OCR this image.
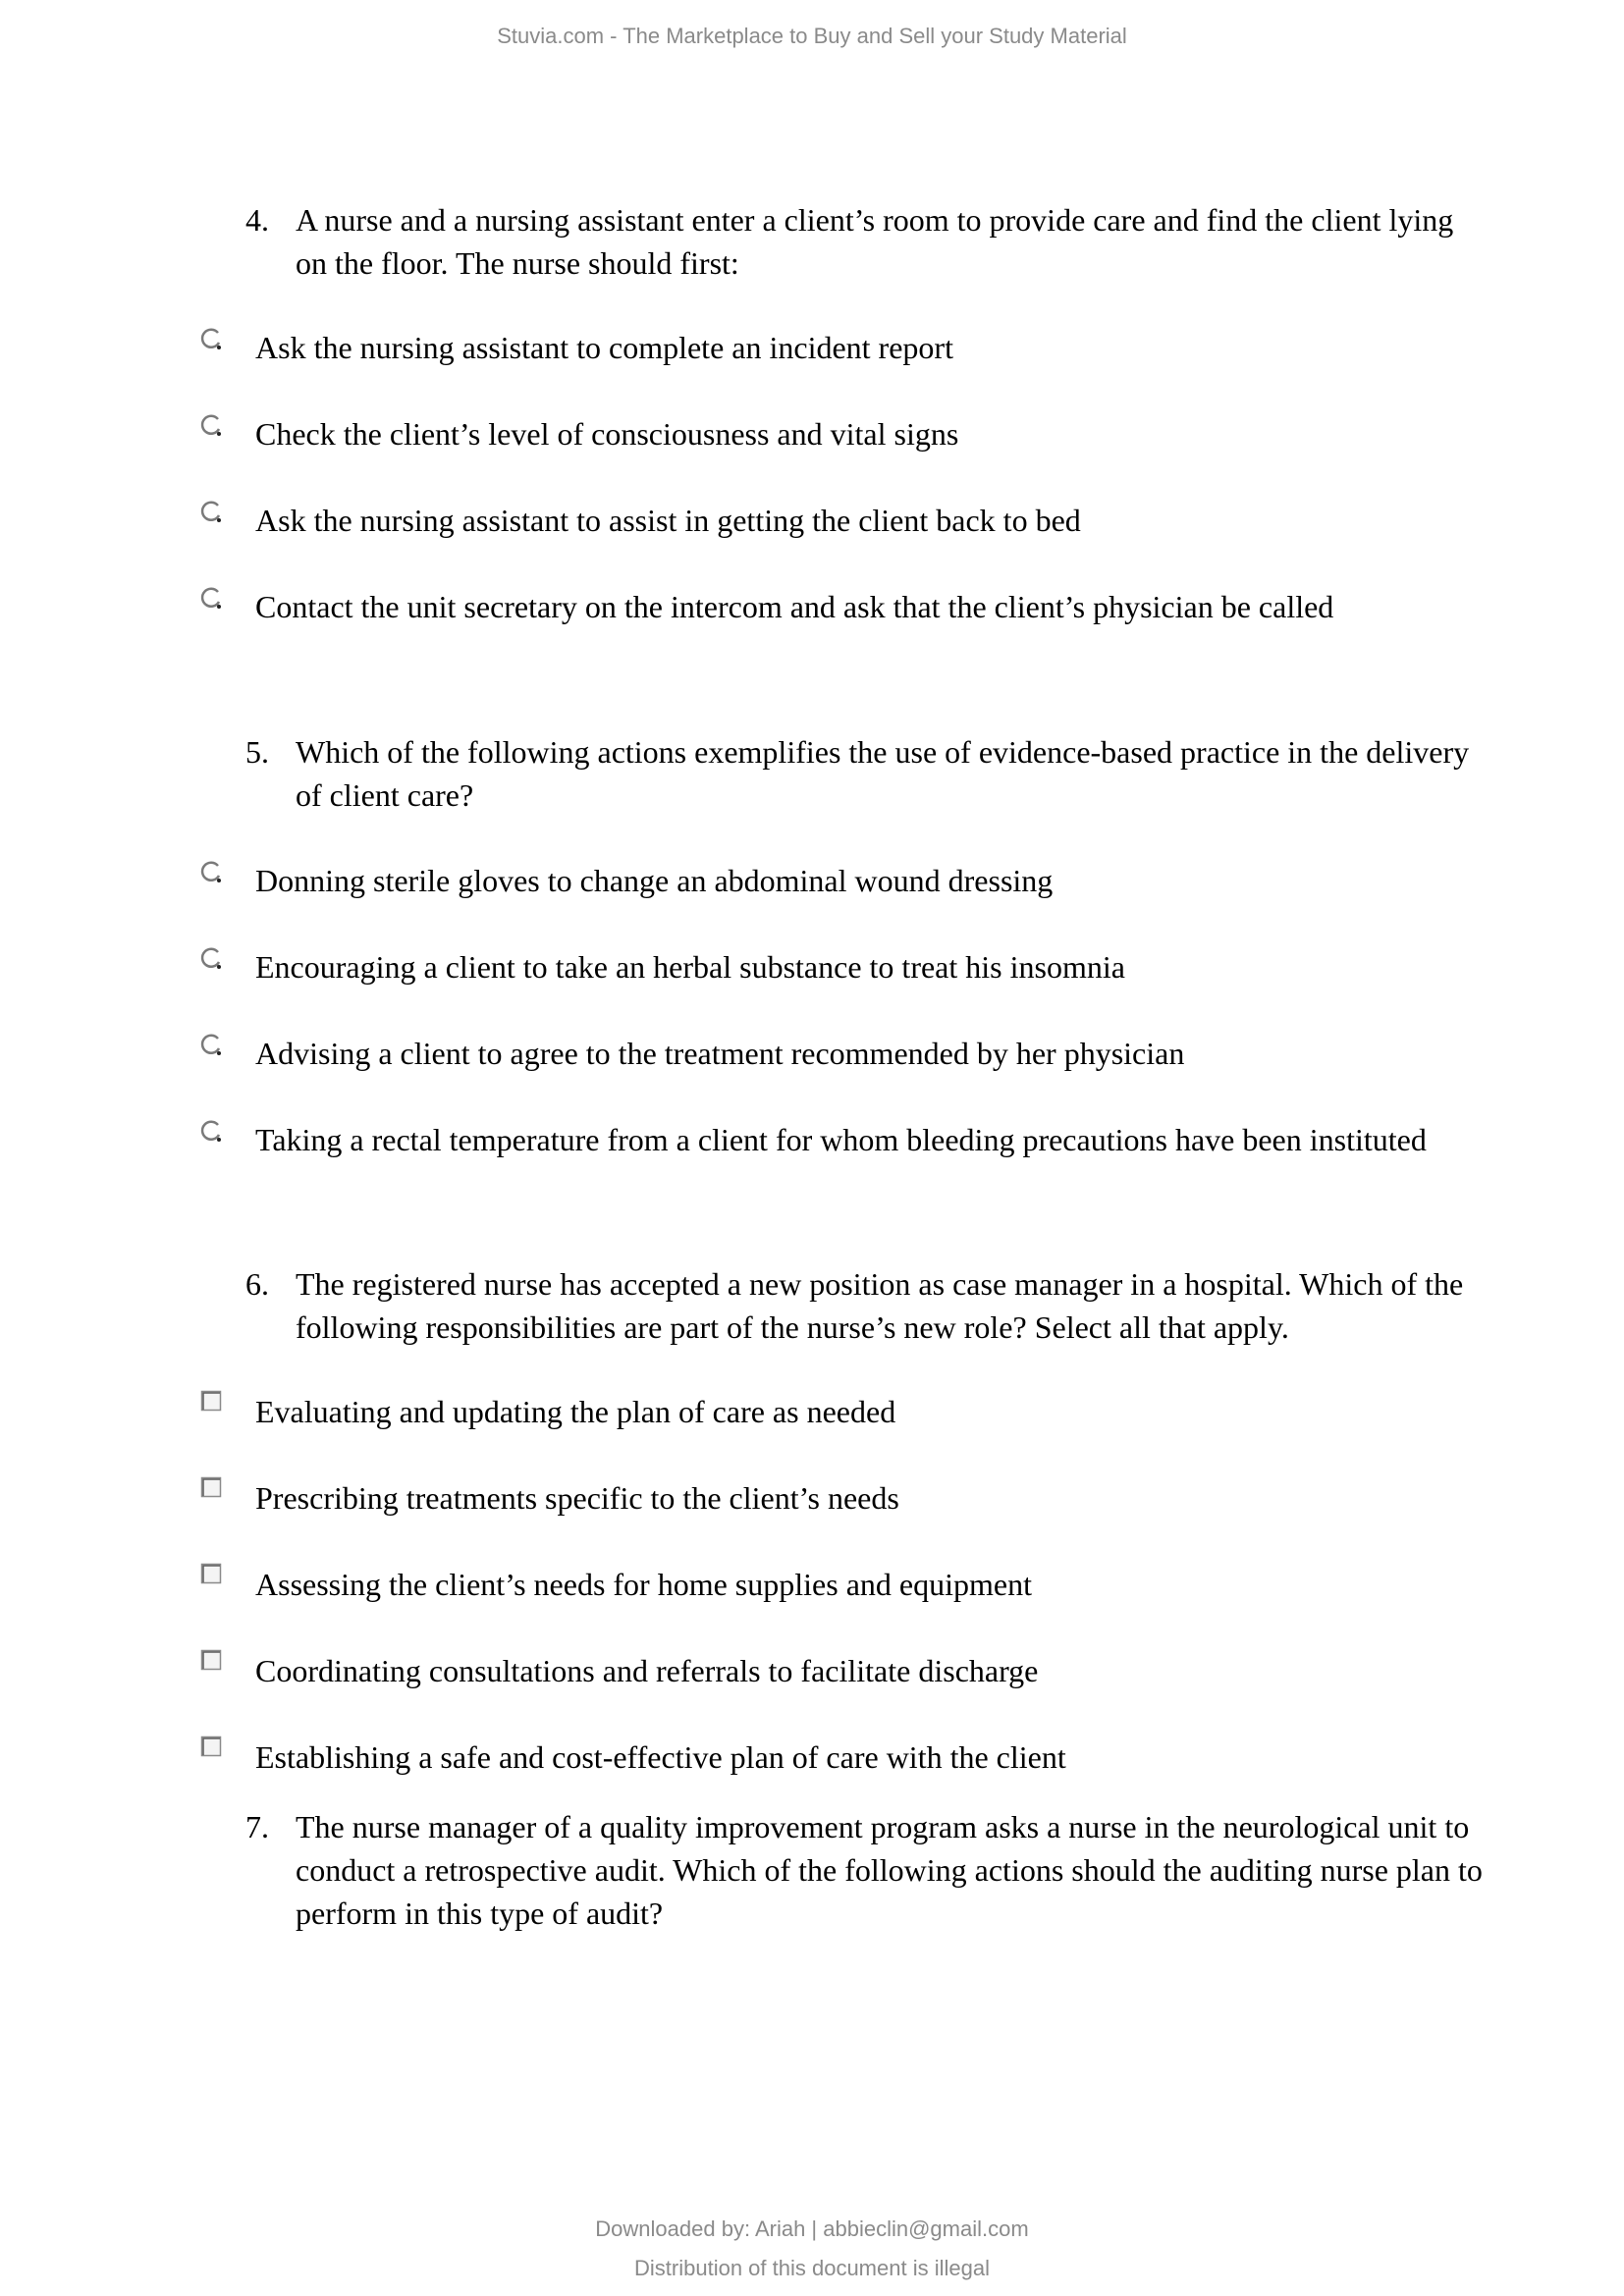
Stuvia.com - The Marketplace to Buy and Sell your Study Material
4. A nurse and a nursing assistant enter a client’s room to provide care and find the client lying on the floor. The nurse should first:
Ask the nursing assistant to complete an incident report
Check the client’s level of consciousness and vital signs
Ask the nursing assistant to assist in getting the client back to bed
Contact the unit secretary on the intercom and ask that the client’s physician be called
5. Which of the following actions exemplifies the use of evidence-based practice in the delivery of client care?
Donning sterile gloves to change an abdominal wound dressing
Encouraging a client to take an herbal substance to treat his insomnia
Advising a client to agree to the treatment recommended by her physician
Taking a rectal temperature from a client for whom bleeding precautions have been instituted
6. The registered nurse has accepted a new position as case manager in a hospital. Which of the following responsibilities are part of the nurse’s new role? Select all that apply.
Evaluating and updating the plan of care as needed
Prescribing treatments specific to the client’s needs
Assessing the client’s needs for home supplies and equipment
Coordinating consultations and referrals to facilitate discharge
Establishing a safe and cost-effective plan of care with the client
7. The nurse manager of a quality improvement program asks a nurse in the neurological unit to conduct a retrospective audit. Which of the following actions should the auditing nurse plan to perform in this type of audit?
Downloaded by: Ariah | abbieclin@gmail.com
Distribution of this document is illegal
